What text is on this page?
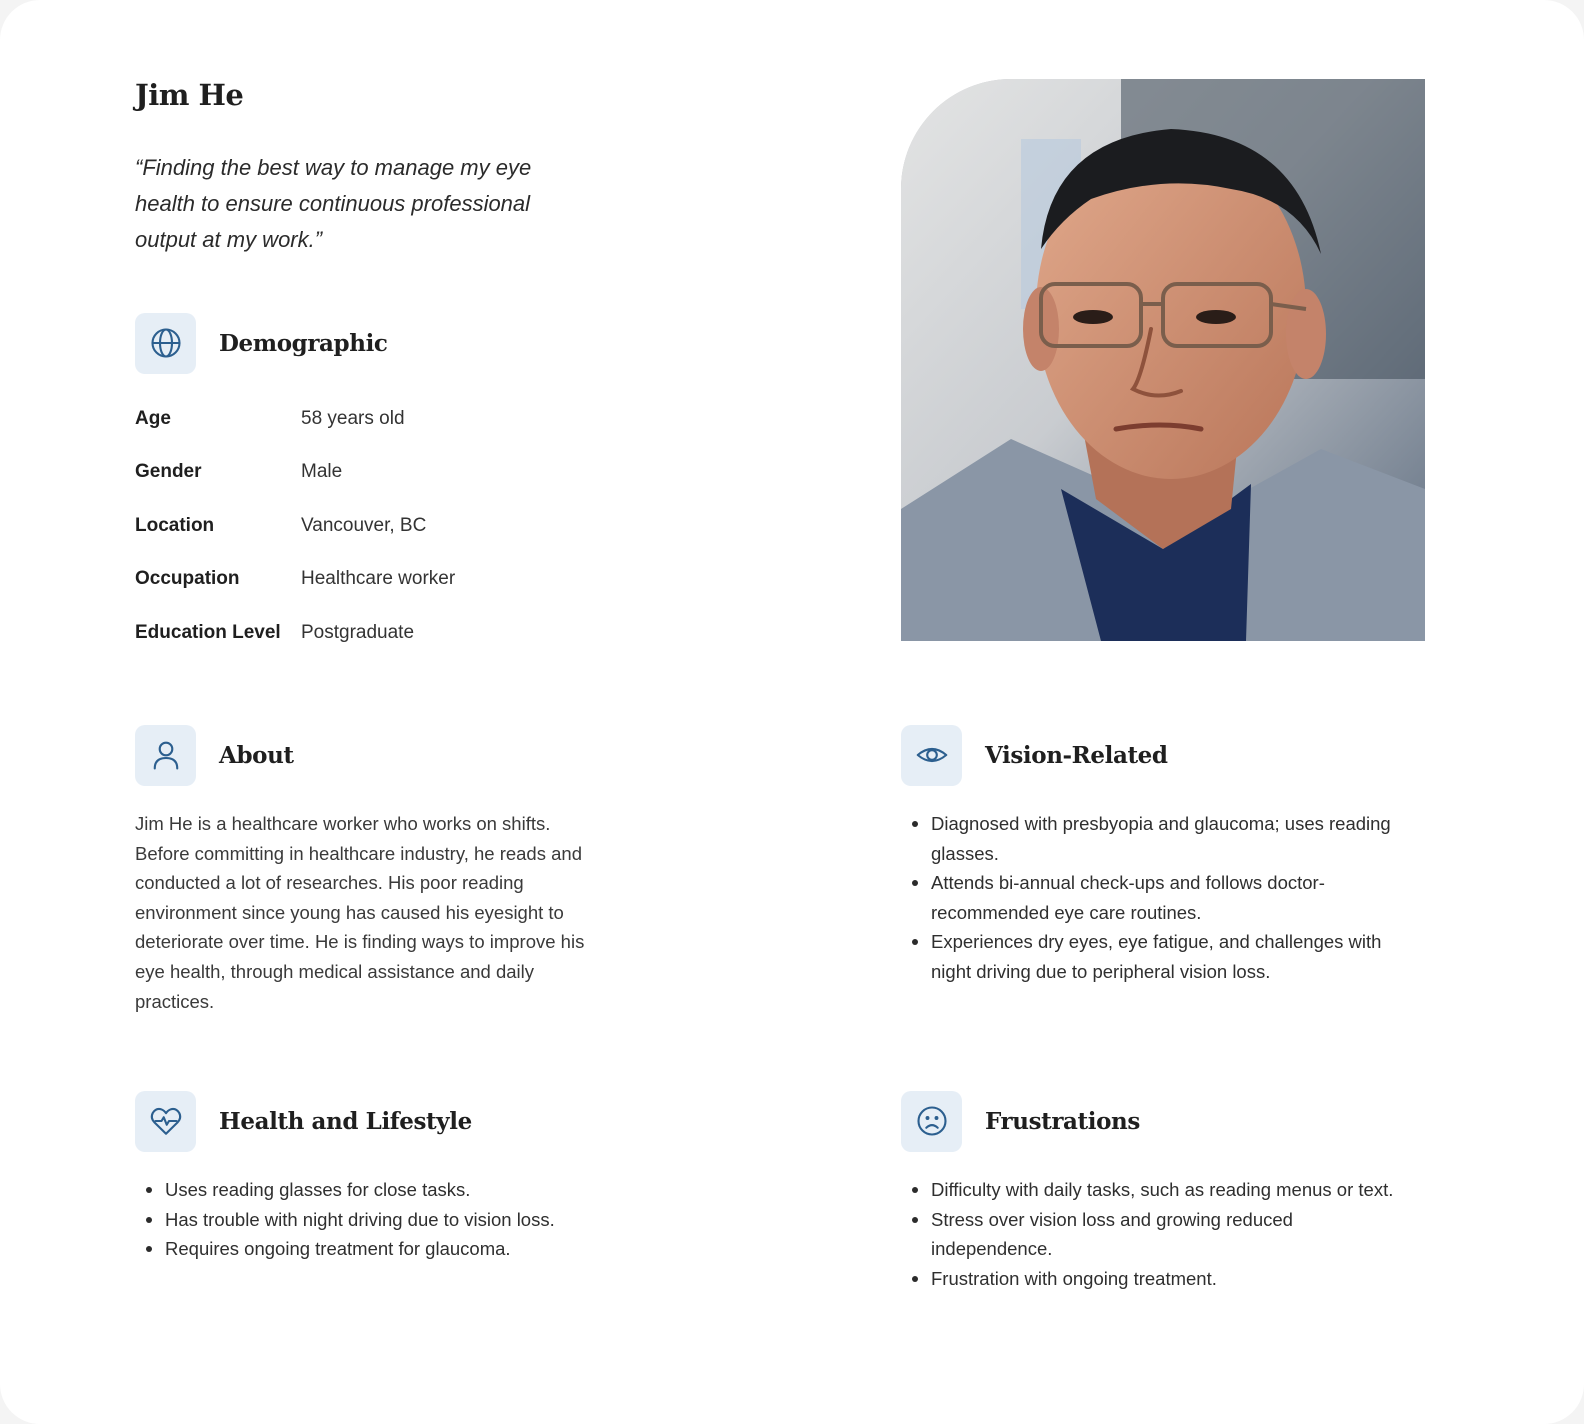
Jim He

“Finding the best way to manage my eye health to ensure continuous professional output at my work.”

Demographic
Age	58 years old
Gender	Male
Location	Vancouver, BC
Occupation	Healthcare worker
Education Level	Postgraduate
About

Jim He is a healthcare worker who works on shifts. Before committing in healthcare industry, he reads and conducted a lot of researches. His poor reading environment since young has caused his eyesight to deteriorate over time. He is finding ways to improve his eye health, through medical assistance and daily practices.

Vision-Related
Diagnosed with presbyopia and glaucoma; uses reading glasses.
Attends bi-annual check-ups and follows doctor-recommended eye care routines.
Experiences dry eyes, eye fatigue, and challenges with night driving due to peripheral vision loss.
Health and Lifestyle
Uses reading glasses for close tasks.
Has trouble with night driving due to vision loss.
Requires ongoing treatment for glaucoma.
Frustrations
Difficulty with daily tasks, such as reading menus or text.
Stress over vision loss and growing reduced independence.
Frustration with ongoing treatment.
